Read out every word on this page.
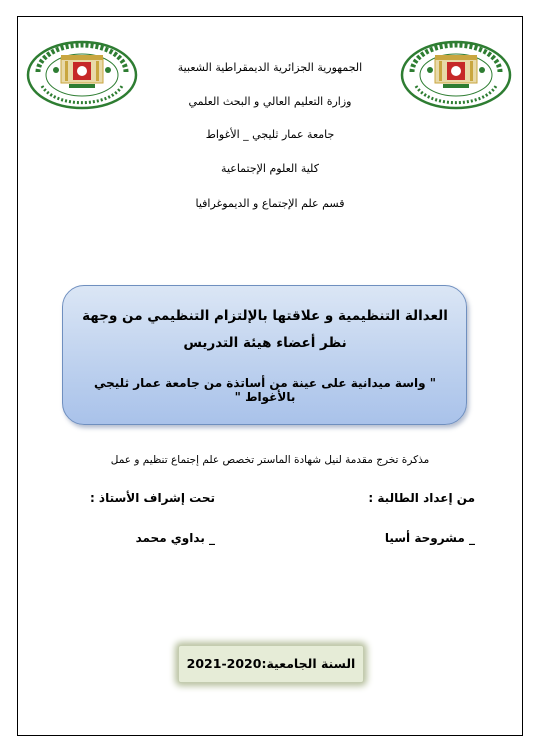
الجمهورية الجزائرية الديمقراطية الشعبية
وزارة التعليم العالي و البحث العلمي
جامعة عمار ثليجي _ الأغواط
كلية العلوم الإجتماعية
قسم علم الإجتماع و الديموغرافيا
العدالة التنظيمية و علاقتها بالإلتزام التنظيمي من وجهة نظر أعضاء هيئة التدريس
" واسة ميدانية على عينة من أساتذة من جامعة عمار ثليجي بالأغواط "
مذكرة تخرج مقدمة لنيل شهادة الماستر تخصص علم إجتماع تنظيم و عمل
من إعداد الطالبة :
تحت إشراف الأستاذ :
_ مشروحة أسيا
_ بداوي محمد
السنة الجامعية:2020-2021
